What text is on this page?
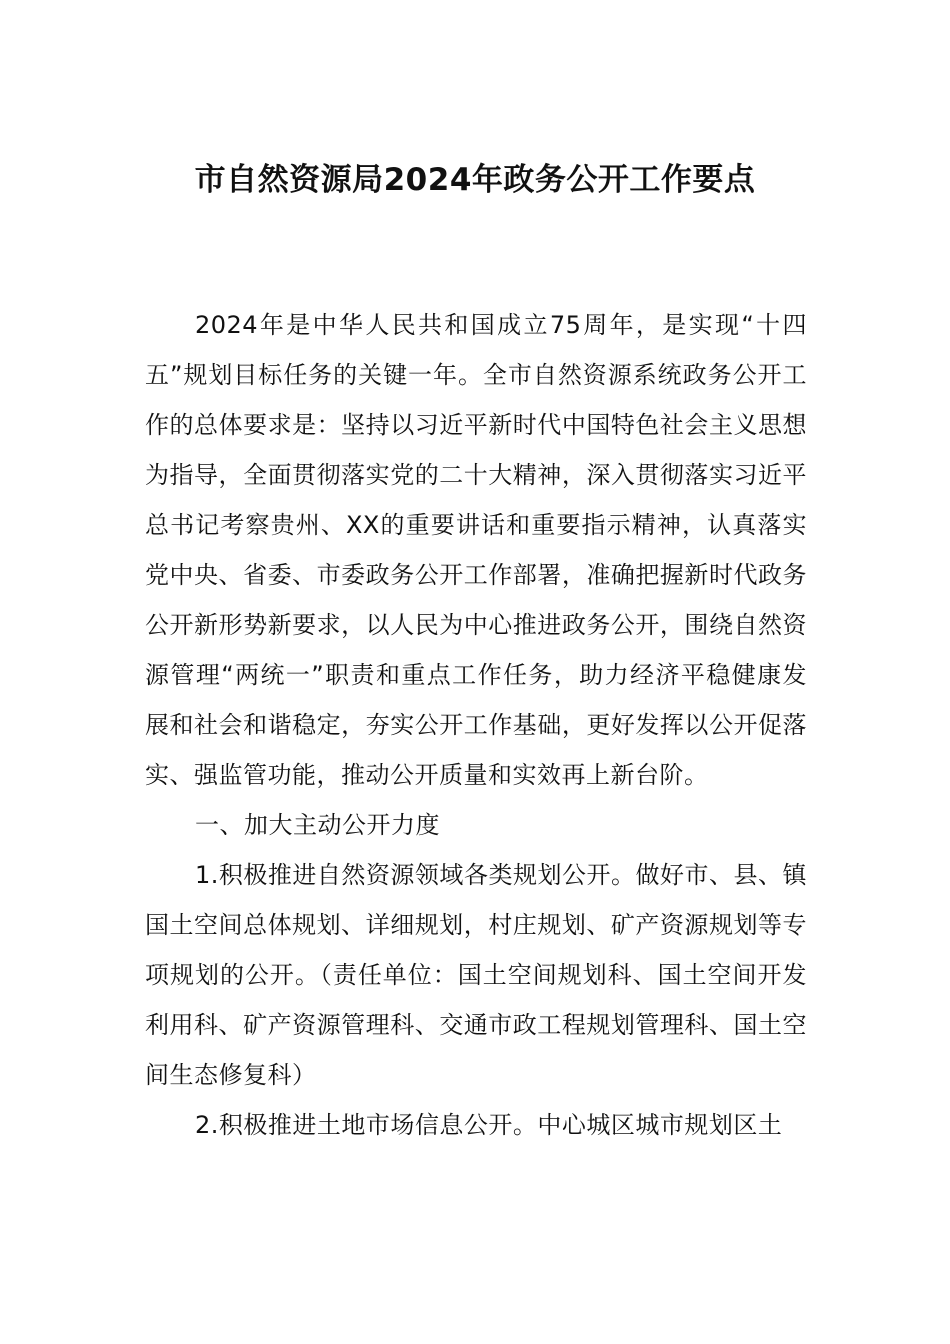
市自然资源局2024年政务公开工作要点

2024年是中华人民共和国成立75周年，是实现“十四五”规划目标任务的关键一年。全市自然资源系统政务公开工作的总体要求是：坚持以习近平新时代中国特色社会主义思想为指导，全面贯彻落实党的二十大精神，深入贯彻落实习近平总书记考察贵州、XX的重要讲话和重要指示精神，认真落实党中央、省委、市委政务公开工作部署，准确把握新时代政务公开新形势新要求，以人民为中心推进政务公开，围绕自然资源管理“两统一”职责和重点工作任务，助力经济平稳健康发展和社会和谐稳定，夯实公开工作基础，更好发挥以公开促落实、强监管功能，推动公开质量和实效再上新台阶。

一、加大主动公开力度

1.积极推进自然资源领域各类规划公开。做好市、县、镇国土空间总体规划、详细规划，村庄规划、矿产资源规划等专项规划的公开。（责任单位：国土空间规划科、国土空间开发利用科、矿产资源管理科、交通市政工程规划管理科、国土空间生态修复科）

2.积极推进土地市场信息公开。中心城区城市规划区土
